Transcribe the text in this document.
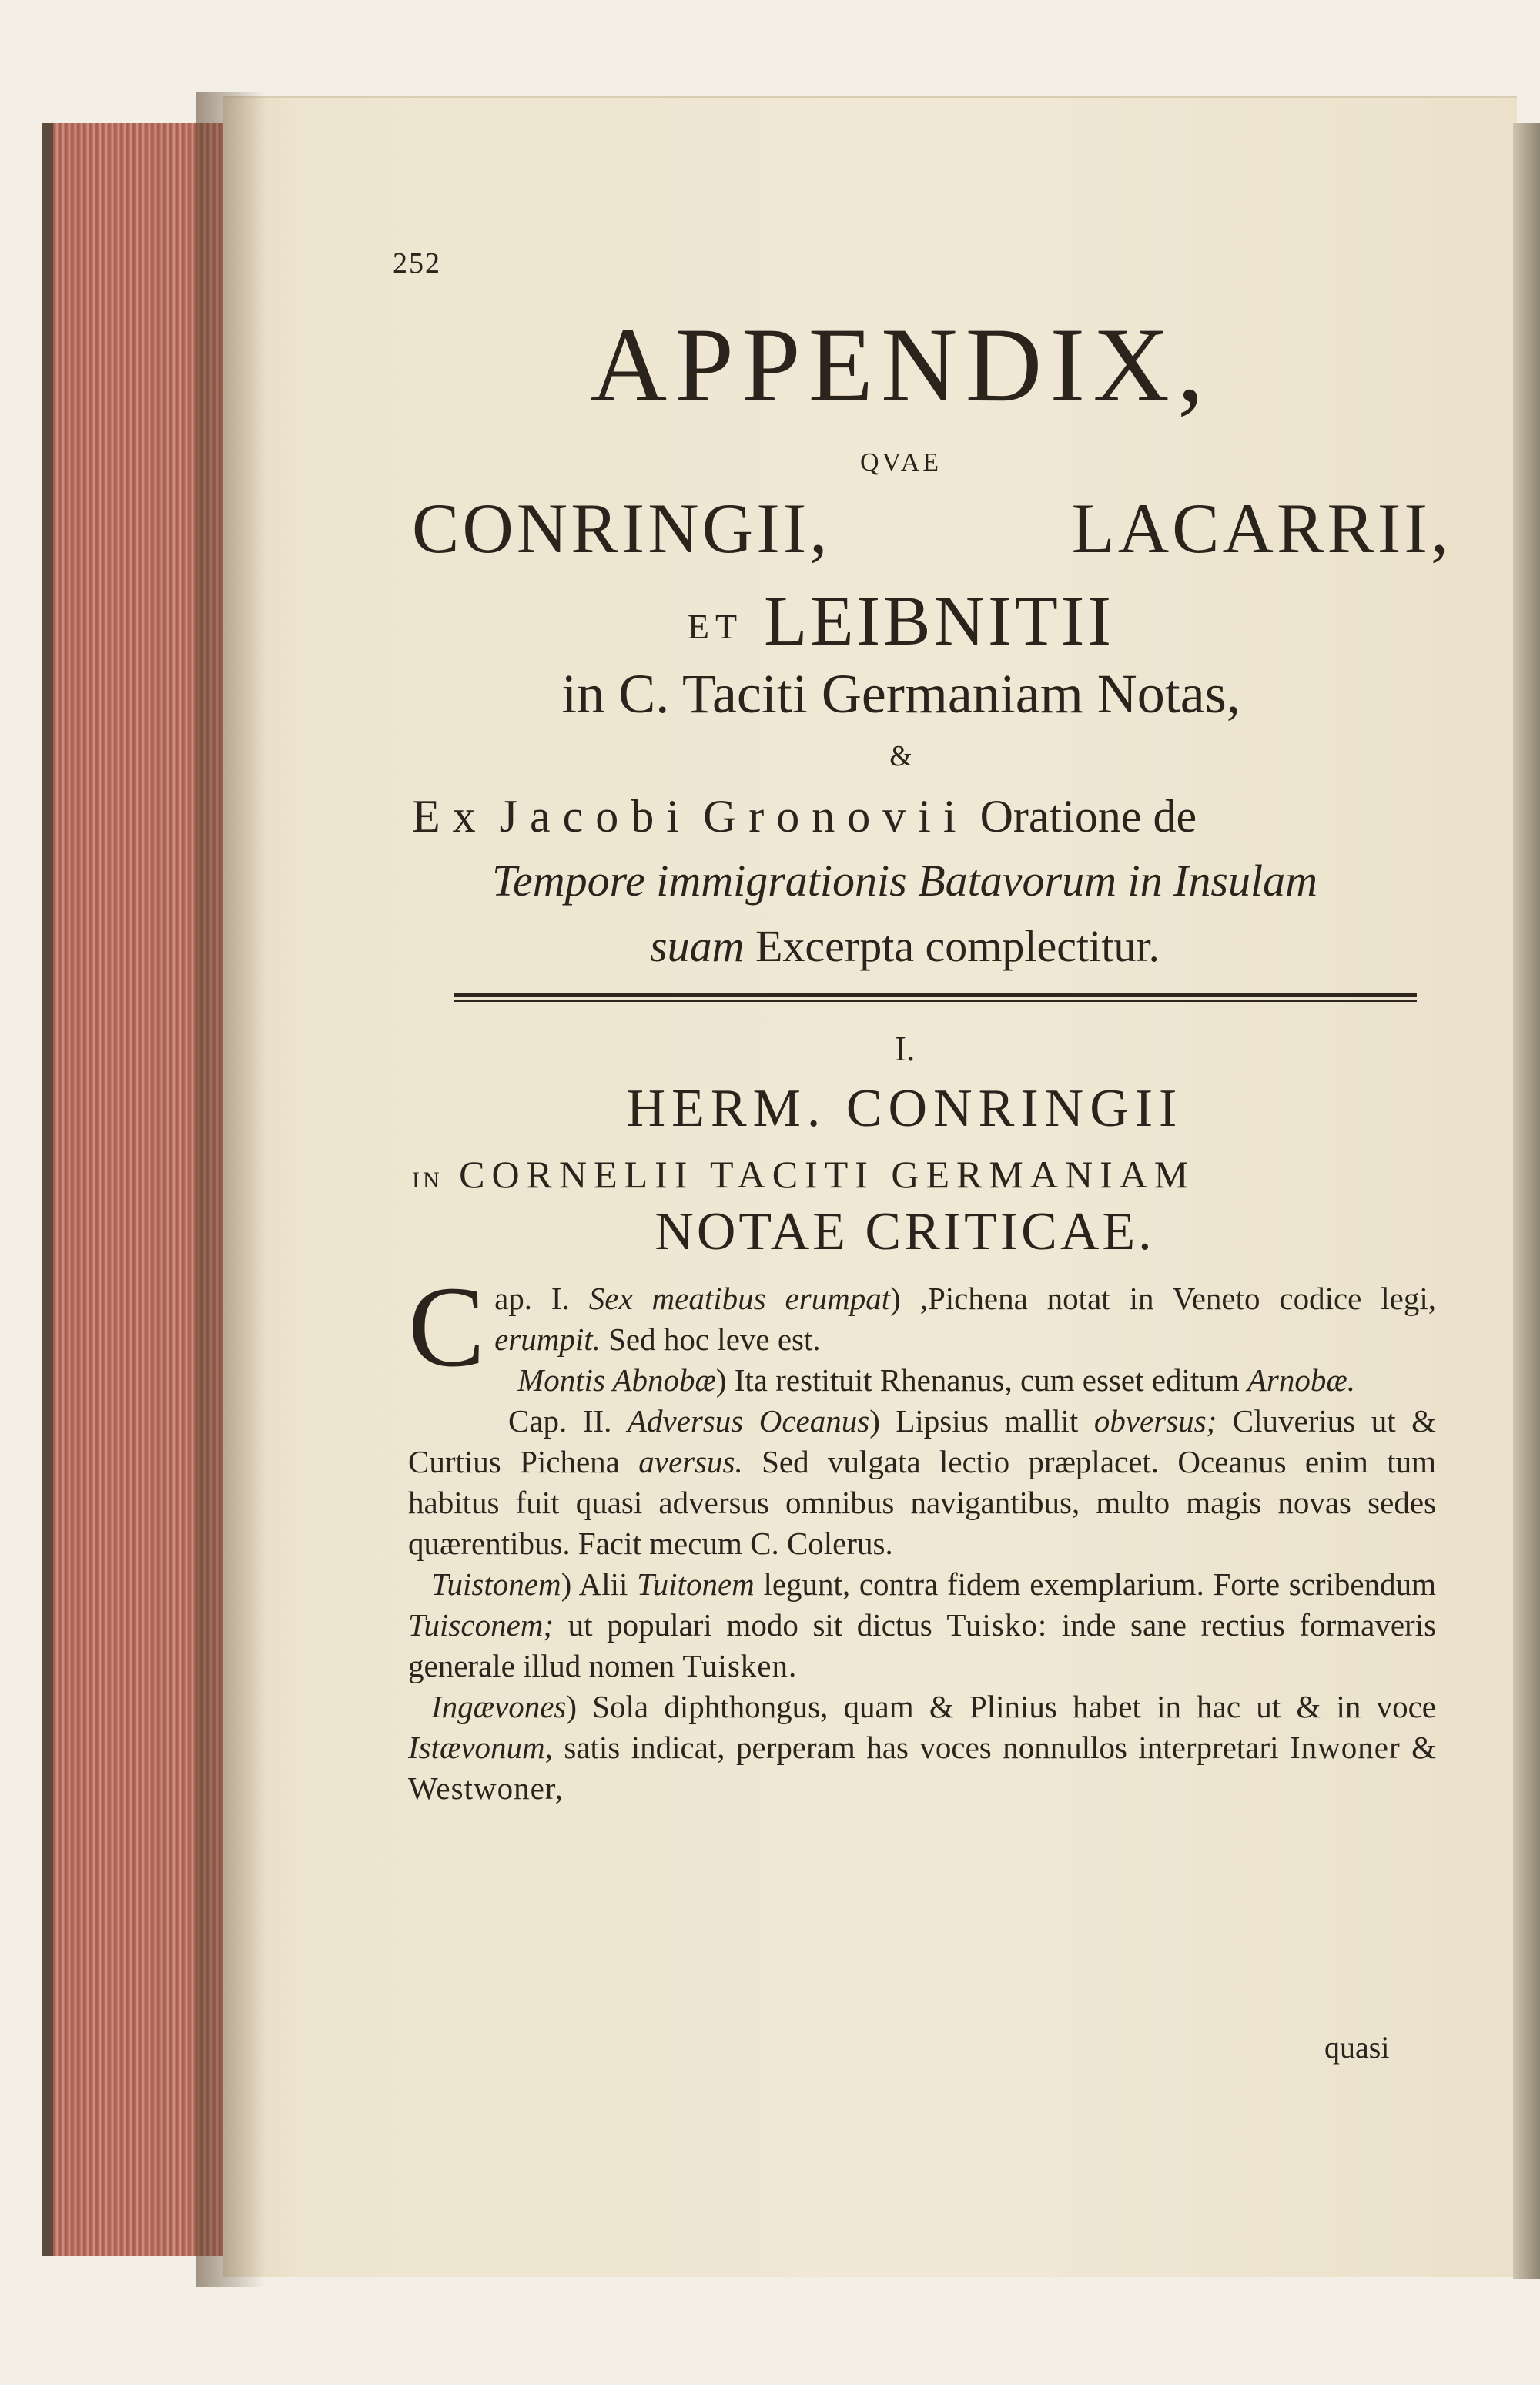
252
APPENDIX,
QVAE
CONRINGII,	LACARRII,
ET LEIBNITII
in C. Taciti Germaniam Notas,
&
Ex Jacobi Gronovii Oratione de
Tempore immigrationis Batavorum in Insulam
suam Excerpta complectitur.
I.
HERM. CONRINGII
IN CORNELII TACITI GERMANIAM
NOTAE CRITICAE.

C ap. I. Sex meatibus erumpat) ,Pichena notat in Veneto codice legi, erumpit. Sed hoc leve est.

Montis Abnobæ) Ita restituit Rhenanus, cum esset editum Arnobæ.

Cap. II. Adversus Oceanus) Lipsius mallit obversus; Cluverius ut & Curtius Pichena aversus. Sed vulgata lectio præplacet. Oceanus enim tum habitus fuit quasi adversus omnibus navigantibus, multo magis novas sedes quærentibus. Facit mecum C. Colerus.

Tuistonem) Alii Tuitonem legunt, contra fidem exemplarium. Forte scribendum Tuisconem; ut populari modo sit dictus Tuisko: inde sane rectius formaveris generale illud nomen Tuisken.

Ingævones) Sola diphthongus, quam & Plinius habet in hac ut & in voce Istævonum, satis indicat, perperam has voces nonnullos interpretari Inwoner & Westwoner,

quasi
